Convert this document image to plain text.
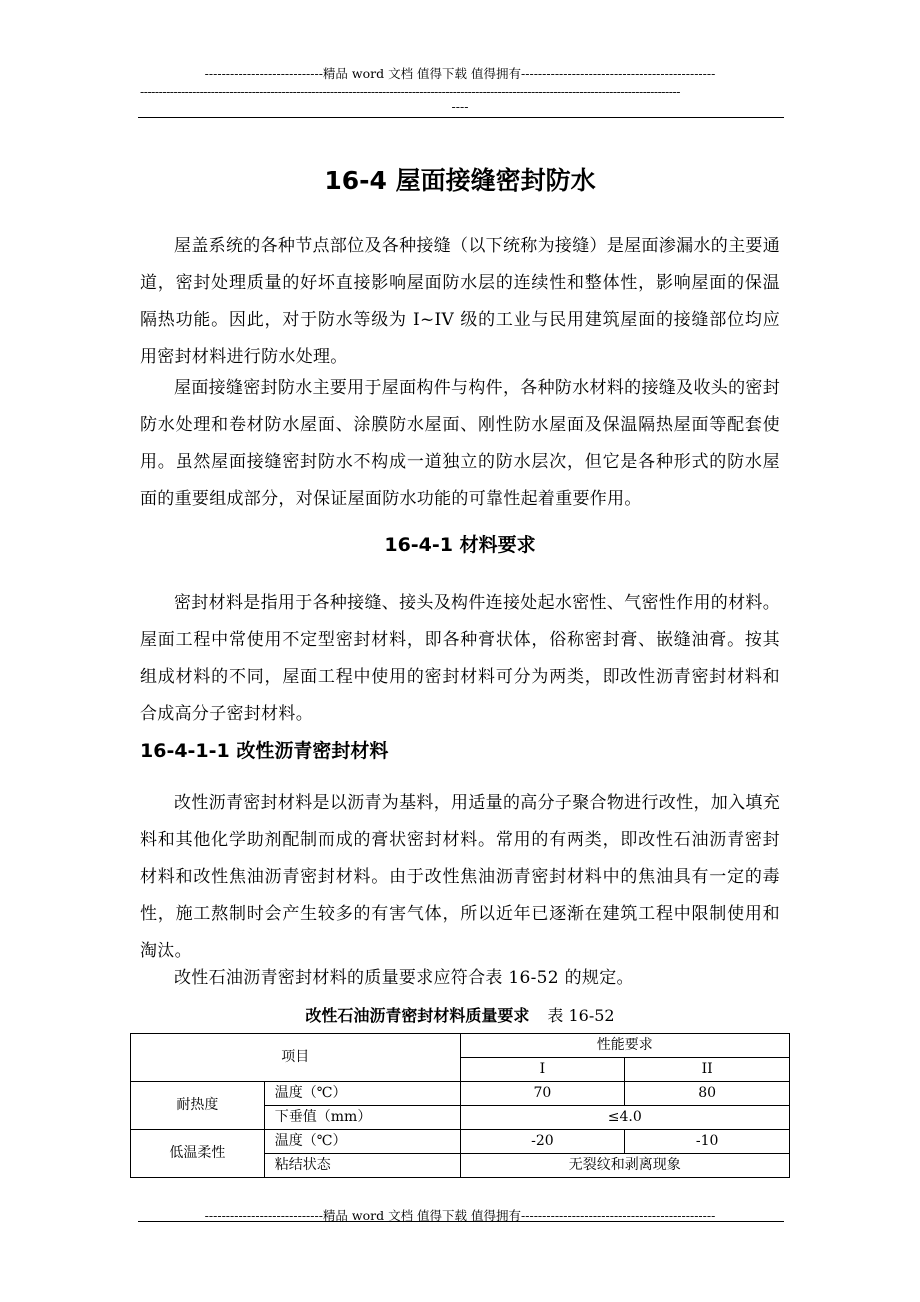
----------------------------精品 word 文档 值得下载 值得拥有----------------------------------------------
-------------------------------------------------------------------------------------------------------------------------------------------------
----
16-4 屋面接缝密封防水

屋盖系统的各种节点部位及各种接缝（以下统称为接缝）是屋面渗漏水的主要通道，密封处理质量的好坏直接影响屋面防水层的连续性和整体性，影响屋面的保温隔热功能。因此，对于防水等级为 I~IV 级的工业与民用建筑屋面的接缝部位均应用密封材料进行防水处理。

屋面接缝密封防水主要用于屋面构件与构件，各种防水材料的接缝及收头的密封防水处理和卷材防水屋面、涂膜防水屋面、刚性防水屋面及保温隔热屋面等配套使用。虽然屋面接缝密封防水不构成一道独立的防水层次，但它是各种形式的防水屋面的重要组成部分，对保证屋面防水功能的可靠性起着重要作用。

16-4-1 材料要求

密封材料是指用于各种接缝、接头及构件连接处起水密性、气密性作用的材料。屋面工程中常使用不定型密封材料，即各种膏状体，俗称密封膏、嵌缝油膏。按其组成材料的不同，屋面工程中使用的密封材料可分为两类，即改性沥青密封材料和合成高分子密封材料。

16-4-1-1 改性沥青密封材料

改性沥青密封材料是以沥青为基料，用适量的高分子聚合物进行改性，加入填充料和其他化学助剂配制而成的膏状密封材料。常用的有两类，即改性石油沥青密封材料和改性焦油沥青密封材料。由于改性焦油沥青密封材料中的焦油具有一定的毒性，施工熬制时会产生较多的有害气体，所以近年已逐渐在建筑工程中限制使用和淘汰。

改性石油沥青密封材料的质量要求应符合表 16-52 的规定。

改性石油沥青密封材料质量要求 表 16-52
项目		性能要求	
		I	II
耐热度	温度（℃）	70	80
	下垂值（mm）	≤4.0	
低温柔性	温度（℃）	-20	-10
	粘结状态	无裂纹和剥离现象	
----------------------------精品 word 文档 值得下载 值得拥有----------------------------------------------
